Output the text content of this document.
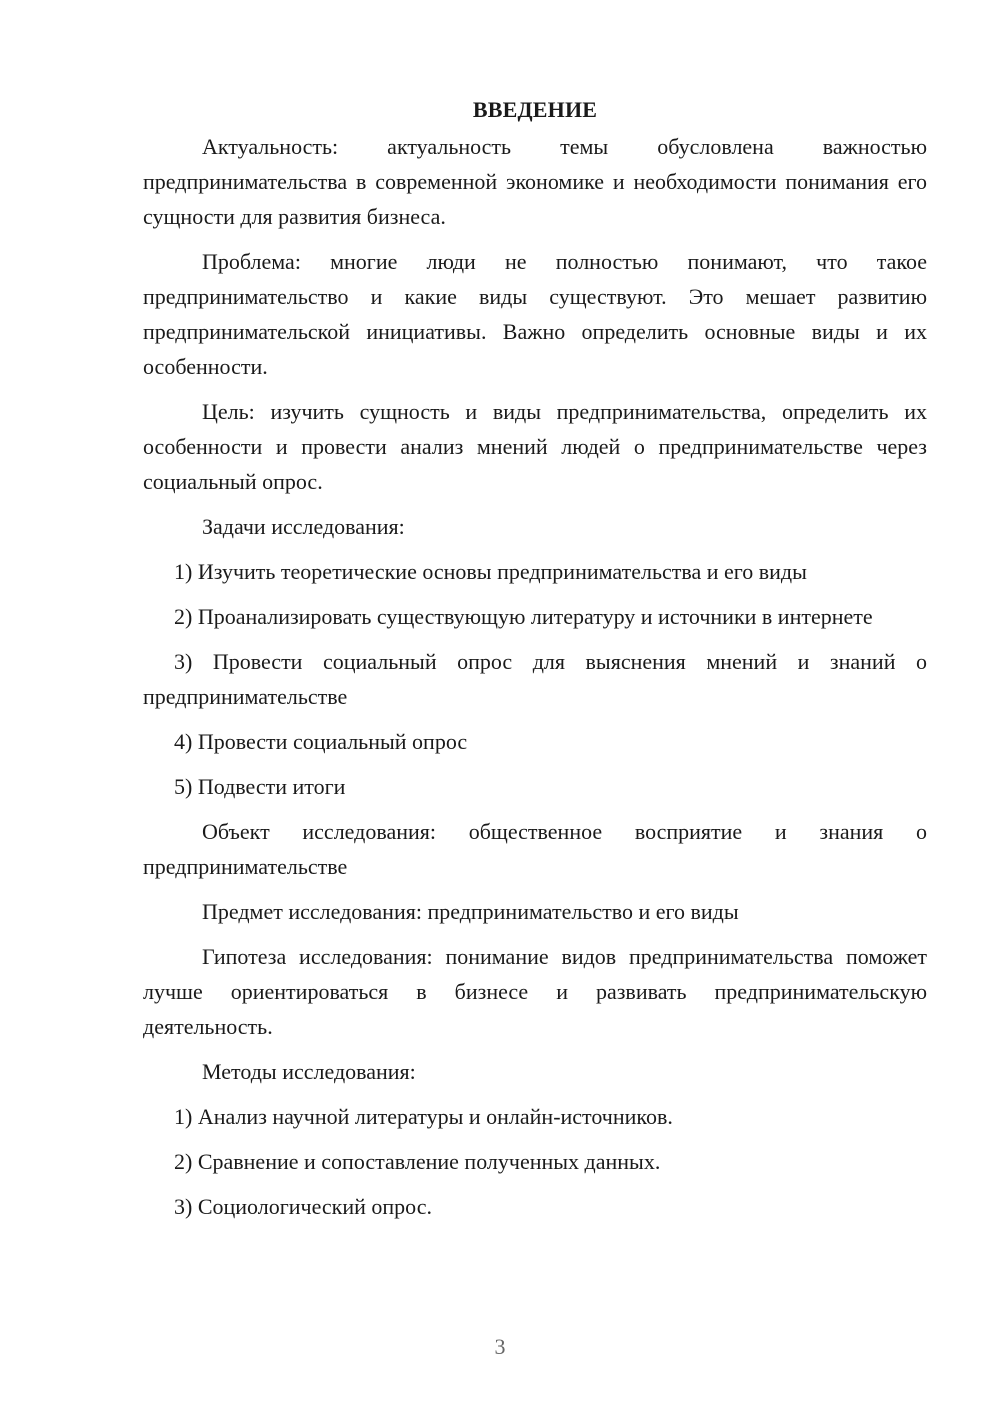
ВВЕДЕНИЕ

Актуальность: актуальность темы обусловлена важностью предпринимательства в современной экономике и необходимости понимания его сущности для развития бизнеса.

Проблема: многие люди не полностью понимают, что такое предпринимательство и какие виды существуют. Это мешает развитию предпринимательской инициативы. Важно определить основные виды и их особенности.

Цель: изучить сущность и виды предпринимательства, определить их особенности и провести анализ мнений людей о предпринимательстве через социальный опрос.

Задачи исследования:

1) Изучить теоретические основы предпринимательства и его виды

2) Проанализировать существующую литературу и источники в интернете

3) Провести социальный опрос для выяснения мнений и знаний о предпринимательстве

4) Провести социальный опрос

5) Подвести итоги

Объект исследования: общественное восприятие и знания о предпринимательстве

Предмет исследования: предпринимательство и его виды

Гипотеза исследования: понимание видов предпринимательства поможет лучше ориентироваться в бизнесе и развивать предпринимательскую деятельность.

Методы исследования:

1) Анализ научной литературы и онлайн-источников.

2) Сравнение и сопоставление полученных данных.

3) Социологический опрос.

3
